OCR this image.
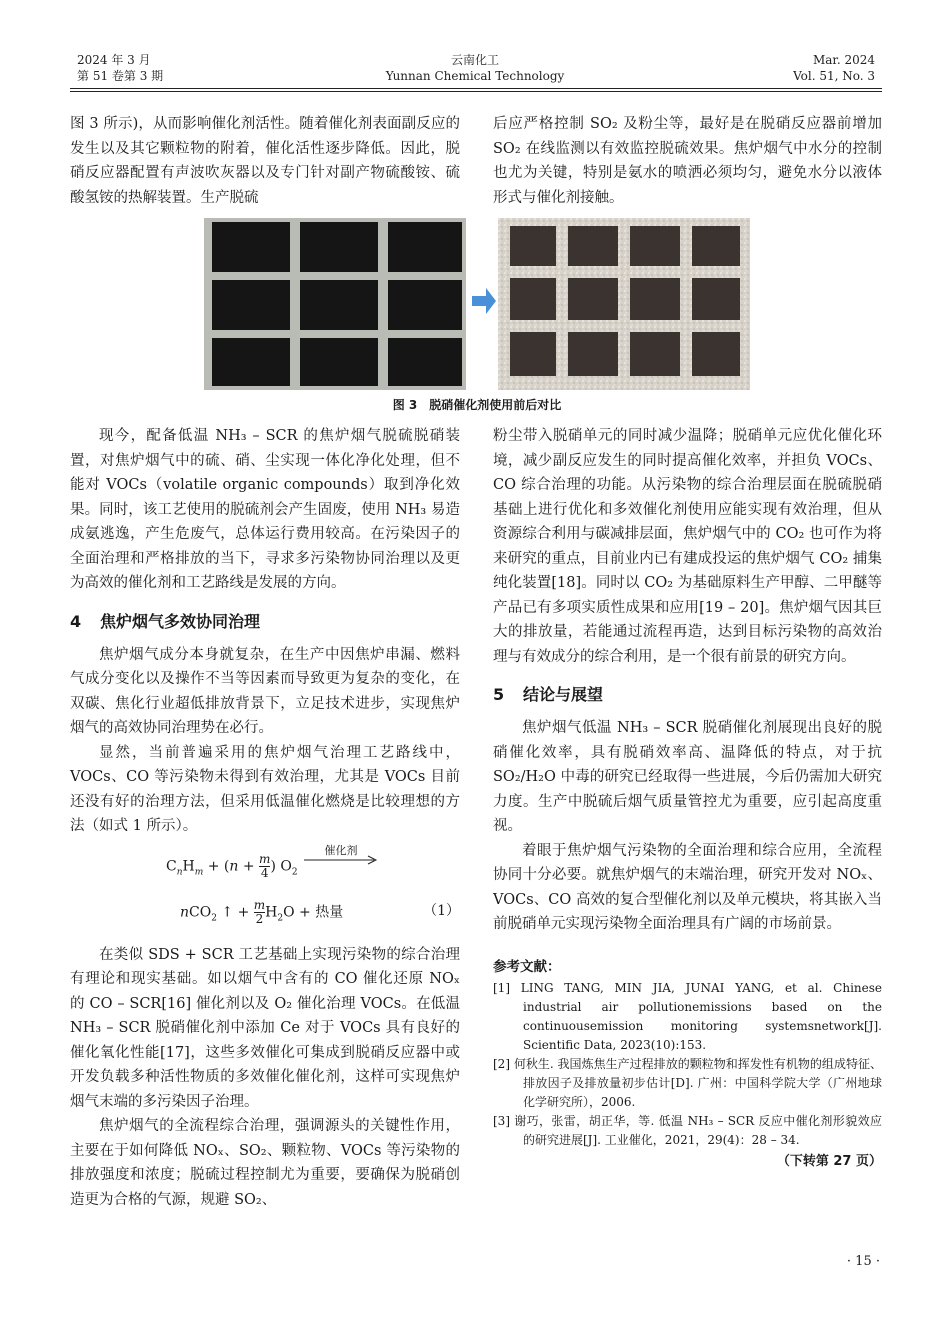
2024 年 3 月
第 51 卷第 3 期
云南化工
Yunnan Chemical Technology
Mar. 2024
Vol. 51, No. 3

图 3 所示)，从而影响催化剂活性。随着催化剂表面副反应的发生以及其它颗粒物的附着，催化活性逐步降低。因此，脱硝反应器配置有声波吹灰器以及专门针对副产物硫酸铵、硫酸氢铵的热解装置。生产脱硫

后应严格控制 SO₂ 及粉尘等，最好是在脱硝反应器前增加 SO₂ 在线监测以有效监控脱硫效果。焦炉烟气中水分的控制也尤为关键，特别是氨水的喷洒必须均匀，避免水分以液体形式与催化剂接触。

图 3　脱硝催化剂使用前后对比

现今，配备低温 NH₃ – SCR 的焦炉烟气脱硫脱硝装置，对焦炉烟气中的硫、硝、尘实现一体化净化处理，但不能对 VOCs（volatile organic compounds）取到净化效果。同时，该工艺使用的脱硫剂会产生固废，使用 NH₃ 易造成氨逃逸，产生危废气，总体运行费用较高。在污染因子的全面治理和严格排放的当下，寻求多污染物协同治理以及更为高效的催化剂和工艺路线是发展的方向。

4 焦炉烟气多效协同治理

焦炉烟气成分本身就复杂，在生产中因焦炉串漏、燃料气成分变化以及操作不当等因素而导致更为复杂的变化，在双碳、焦化行业超低排放背景下，立足技术进步，实现焦炉烟气的高效协同治理势在必行。

显然，当前普遍采用的焦炉烟气治理工艺路线中，VOCs、CO 等污染物未得到有效治理，尤其是 VOCs 目前还没有好的治理方法，但采用低温催化燃烧是比较理想的方法（如式 1 所示）。

$C_nH_m + (n + \frac{m}{4}$ ) $O_2$
催化剂
nCO$_2$ ↑ + $\frac{m}{2} H_2O$ + 热量	（1）

在类似 SDS + SCR 工艺基础上实现污染物的综合治理有理论和现实基础。如以烟气中含有的 CO 催化还原 NOₓ 的 CO – SCR[16] 催化剂以及 O₂ 催化治理 VOCs。在低温 NH₃ – SCR 脱硝催化剂中添加 Ce 对于 VOCs 具有良好的催化氧化性能[17]，这些多效催化可集成到脱硝反应器中或开发负载多种活性物质的多效催化催化剂，这样可实现焦炉烟气末端的多污染因子治理。

焦炉烟气的全流程综合治理，强调源头的关键性作用，主要在于如何降低 NOₓ、SO₂、颗粒物、VOCs 等污染物的排放强度和浓度；脱硫过程控制尤为重要，要确保为脱硝创造更为合格的气源，规避 SO₂、

粉尘带入脱硝单元的同时减少温降；脱硝单元应优化催化环境，减少副反应发生的同时提高催化效率，并担负 VOCs、CO 综合治理的功能。从污染物的综合治理层面在脱硫脱硝基础上进行优化和多效催化剂使用应能实现有效治理，但从资源综合利用与碳减排层面，焦炉烟气中的 CO₂ 也可作为将来研究的重点，目前业内已有建成投运的焦炉烟气 CO₂ 捕集纯化装置[18]。同时以 CO₂ 为基础原料生产甲醇、二甲醚等产品已有多项实质性成果和应用[19 – 20]。焦炉烟气因其巨大的排放量，若能通过流程再造，达到目标污染物的高效治理与有效成分的综合利用，是一个很有前景的研究方向。

5 结论与展望

焦炉烟气低温 NH₃ – SCR 脱硝催化剂展现出良好的脱硝催化效率，具有脱硝效率高、温降低的特点，对于抗 SO₂/H₂O 中毒的研究已经取得一些进展，今后仍需加大研究力度。生产中脱硫后烟气质量管控尤为重要，应引起高度重视。

着眼于焦炉烟气污染物的全面治理和综合应用，全流程协同十分必要。就焦炉烟气的末端治理，研究开发对 NOₓ、VOCs、CO 高效的复合型催化剂以及单元模块，将其嵌入当前脱硝单元实现污染物全面治理具有广阔的市场前景。

参考文献：
[1] LING TANG, MIN JIA, JUNAI YANG, et al. Chinese industrial air pollutionemissions based on the continuousemission monitoring systemsnetwork[J]. Scientific Data, 2023(10):153.
[2] 何秋生. 我国炼焦生产过程排放的颗粒物和挥发性有机物的组成特征、排放因子及排放量初步估计[D]. 广州：中国科学院大学（广州地球化学研究所），2006.
[3] 谢巧，张雷，胡正华，等. 低温 NH₃ – SCR 反应中催化剂形貌效应的研究进展[J]. 工业催化，2021，29(4)：28 – 34.
（下转第 27 页）
· 15 ·
